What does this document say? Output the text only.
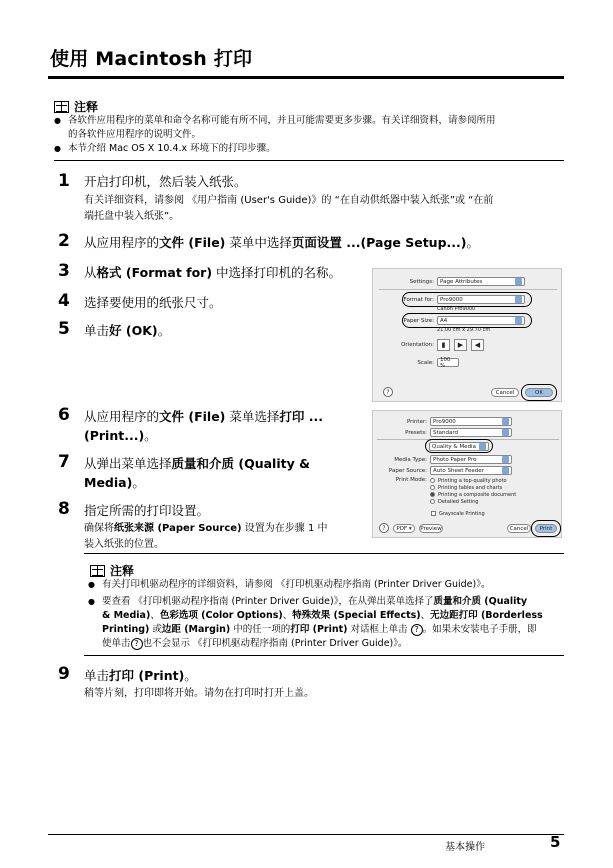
使用 Macintosh 打印
注释
● 各软件应用程序的菜单和命令名称可能有所不同，并且可能需要更多步骤。有关详细资料，请参阅所用
的各软件应用程序的说明文件。
● 本节介绍 Mac OS X 10.4.x 环境下的打印步骤。
1	开启打印机，然后装入纸张。
有关详细资料，请参阅 《用户指南 (User's Guide)》的 “在自动供纸器中装入纸张”或 “在前
端托盘中装入纸张”。
2	从应用程序的文件 (File) 菜单中选择页面设置 ...(Page Setup...)。
3	从格式 (Format for) 中选择打印机的名称。
4	选择要使用的纸张尺寸。
5	单击好 (OK)。
Settings: Page Attributes
Format for: Pro9000
Canon Pro9000
Paper Size: A4
21.00 cm x 29.70 cm
Orientation:	▮	▶	◀
Scale: 100 %
?	Cancel	OK
6	从应用程序的文件 (File) 菜单选择打印 ...
(Print...)。
7	从弹出菜单选择质量和介质 (Quality &
Media)。
8	指定所需的打印设置。
确保将纸张来源 (Paper Source) 设置为在步骤 1 中
装入纸张的位置。
Printer: Pro9000
Presets: Standard
Quality & Media
Media Type: Photo Paper Pro
Paper Source: Auto Sheet Feeder
Print Mode: Printing a top-quality photo
Printing tables and charts
Printing a composite document
Detailed Setting
Grayscale Printing
?	PDF ▾	Preview	Cancel	Print
注释
● 有关打印机驱动程序的详细资料，请参阅 《打印机驱动程序指南 (Printer Driver Guide)》。
● 要查看 《打印机驱动程序指南 (Printer Driver Guide)》，在从弹出菜单选择了质量和介质 (Quality
& Media)、色彩选项 (Color Options)、特殊效果 (Special Effects)、无边距打印 (Borderless
Printing) 或边距 (Margin) 中的任一项的打印 (Print) 对话框上单击 ? 。如果未安装电子手册，即
使单击 ? 也不会显示 《打印机驱动程序指南 (Printer Driver Guide)》。
9	单击打印 (Print)。
稍等片刻，打印即将开始。请勿在打印时打开上盖。
基本操作	5
